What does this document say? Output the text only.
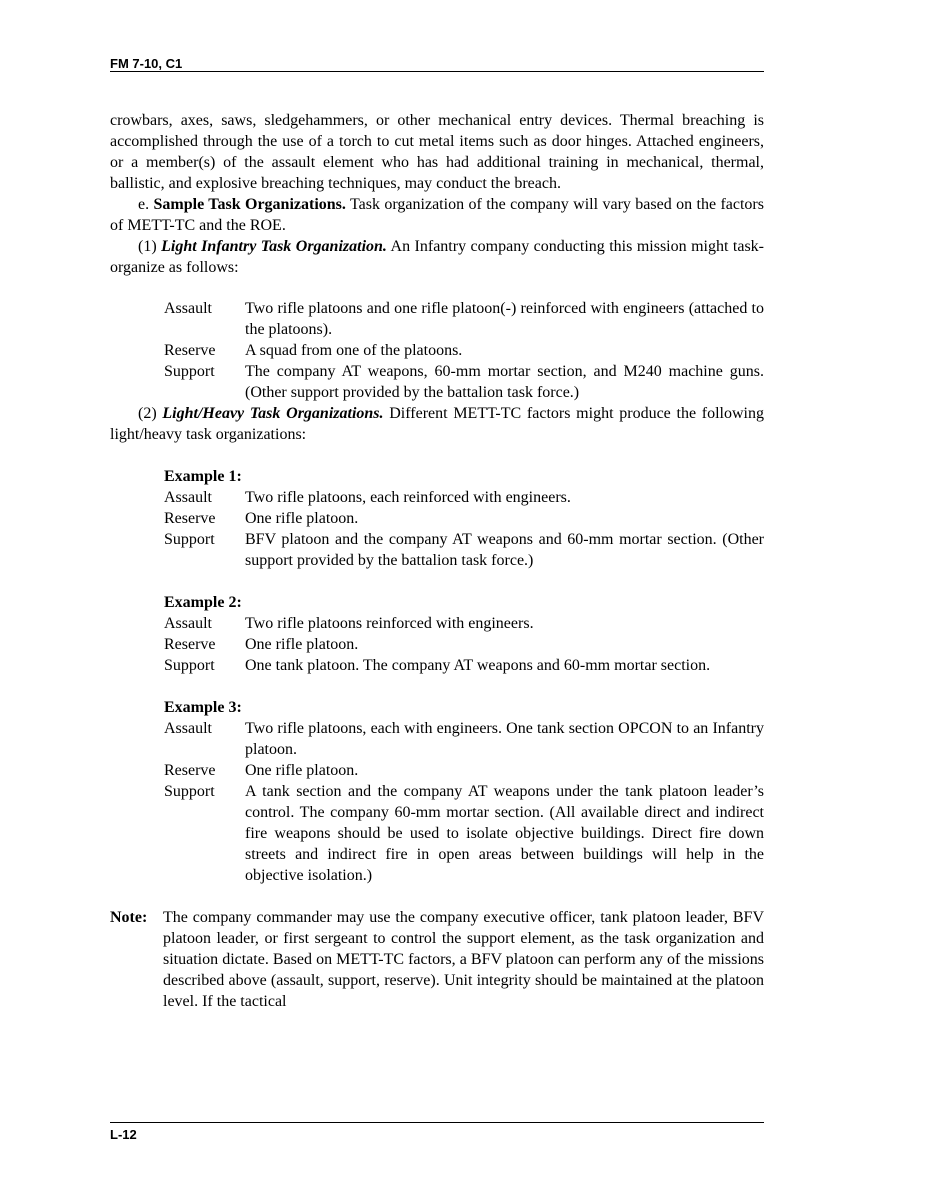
FM 7-10, C1

crowbars, axes, saws, sledgehammers, or other mechanical entry devices. Thermal breaching is accomplished through the use of a torch to cut metal items such as door hinges. Attached engineers, or a member(s) of the assault element who has had additional training in mechanical, thermal, ballistic, and explosive breaching techniques, may conduct the breach.

e. Sample Task Organizations. Task organization of the company will vary based on the factors of METT-TC and the ROE.

(1) Light Infantry Task Organization. An Infantry company conducting this mission might task-organize as follows:

Assault	Two rifle platoons and one rifle platoon(-) reinforced with engineers (attached to the platoons).
Reserve	A squad from one of the platoons.
Support	The company AT weapons, 60-mm mortar section, and M240 machine guns. (Other support provided by the battalion task force.)

(2) Light/Heavy Task Organizations. Different METT-TC factors might produce the following light/heavy task organizations:

Example 1:
Assault	Two rifle platoons, each reinforced with engineers.
Reserve	One rifle platoon.
Support	BFV platoon and the company AT weapons and 60-mm mortar section. (Other support provided by the battalion task force.)
Example 2:
Assault	Two rifle platoons reinforced with engineers.
Reserve	One rifle platoon.
Support	One tank platoon. The company AT weapons and 60-mm mortar section.
Example 3:
Assault	Two rifle platoons, each with engineers. One tank section OPCON to an Infantry platoon.
Reserve	One rifle platoon.
Support	A tank section and the company AT weapons under the tank platoon leader’s control. The company 60-mm mortar section. (All available direct and indirect fire weapons should be used to isolate objective buildings. Direct fire down streets and indirect fire in open areas between buildings will help in the objective isolation.)
Note: The company commander may use the company executive officer, tank platoon leader, BFV platoon leader, or first sergeant to control the support element, as the task organization and situation dictate. Based on METT-TC factors, a BFV platoon can perform any of the missions described above (assault, support, reserve). Unit integrity should be maintained at the platoon level. If the tactical
L-12
